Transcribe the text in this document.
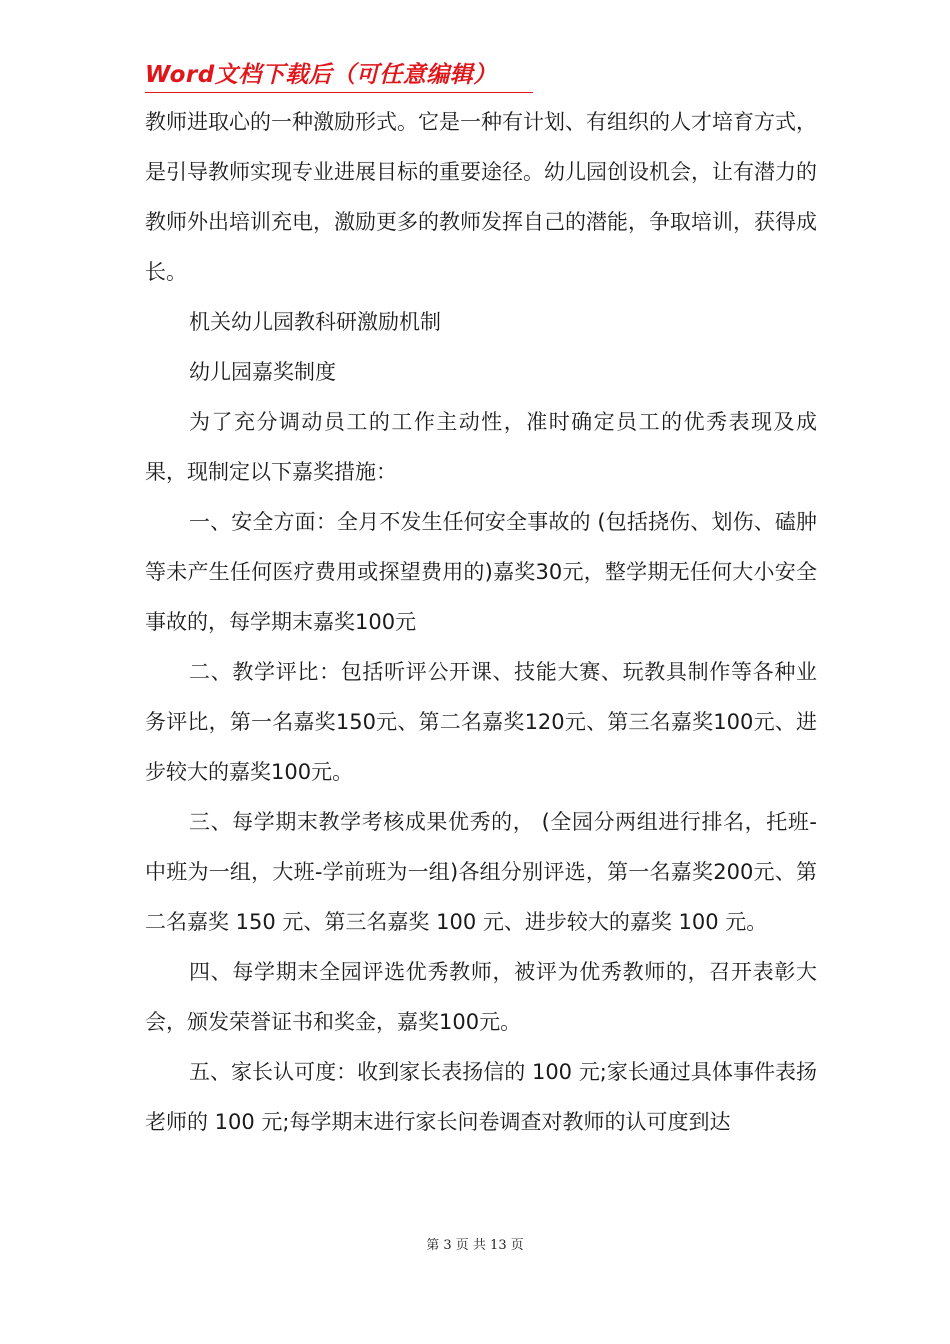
Word文档下载后（可任意编辑）

教师进取心的一种激励形式。它是一种有计划、有组织的人才培育方式，是引导教师实现专业进展目标的重要途径。幼儿园创设机会，让有潜力的教师外出培训充电，激励更多的教师发挥自己的潜能，争取培训，获得成长。

机关幼儿园教科研激励机制

幼儿园嘉奖制度

为了充分调动员工的工作主动性，准时确定员工的优秀表现及成果，现制定以下嘉奖措施：

一、安全方面：全月不发生任何安全事故的 (包括挠伤、划伤、磕肿等未产生任何医疗费用或探望费用的)嘉奖30元，整学期无任何大小安全事故的，每学期末嘉奖100元

二、教学评比：包括听评公开课、技能大赛、玩教具制作等各种业务评比，第一名嘉奖150元、第二名嘉奖120元、第三名嘉奖100元、进步较大的嘉奖100元。

三、每学期末教学考核成果优秀的， (全园分两组进行排名，托班-中班为一组，大班-学前班为一组)各组分别评选，第一名嘉奖200元、第二名嘉奖 150 元、第三名嘉奖 100 元、进步较大的嘉奖 100 元。

四、每学期末全园评选优秀教师，被评为优秀教师的，召开表彰大会，颁发荣誉证书和奖金，嘉奖100元。

五、家长认可度：收到家长表扬信的 100 元;家长通过具体事件表扬老师的 100 元;每学期末进行家长问卷调查对教师的认可度到达

第 3 页 共 13 页
